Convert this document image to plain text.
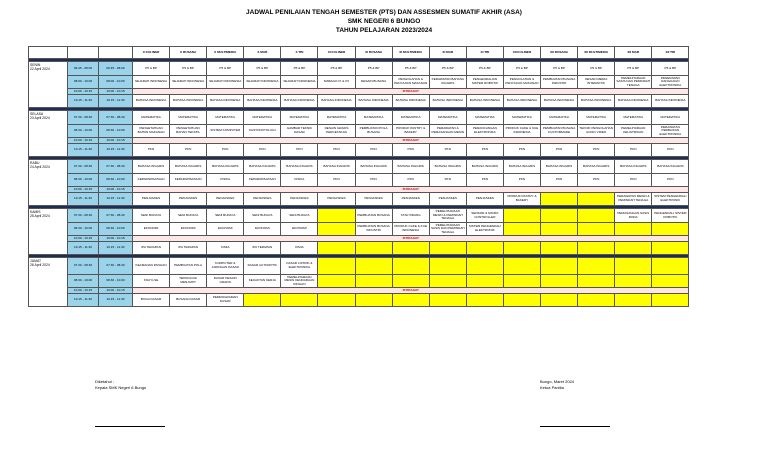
JADWAL PENILAIAN TENGAH SEMESTER (PTS) DAN ASSESMEN SUMATIF AKHIR (ASA)
SMK NEGERI 6 BUNGO
TAHUN PELAJARAN 2023/2024
			X KULINER	X BUSANA	X MULTIMEDIA	X MAB	X TBI	XI KULINER	XI BUSANA	XI MULTIMEDIA	XI MAB	XI TBI	XII KULINER	XII BUSANA	XII MULTIMEDIA	XII MAB	XII TBI

SENIN
22 April 2024	06.45 - 08.00	06.45 - 08.00	P5 & BP	P5 & BP	P5 & BP	P5 & BP	P5 & BP	P5 & BP	P5 & BP	P5 & BP	P5 & BP	P5 & BP	P5 & BP	P5 & BP	P5 & BP	P5 & BP	P5 & BP
	08.00 - 10.00	08.00 - 10.00	SEJARAH INDONESIA	SEJARAH INDONESIA	SEJARAH INDONESIA	SEJARAH INDONESIA	SEJARAH INDONESIA	MABAGO IX & XX	DESAIN BUSANA	PENGOLAHAN & PENYAJIAN MAKANAN	PERAWATAN BAHASA INGGRIS	PENGENDALIAN SISTEM ROBOTIK	PENGOLAHAN & PENYAJIAN MAKANAN	PEMBUATAN BUSANA INDUSTRI	DESAIN MEDIA INTERAKTIF	PEMELIHARAAN SASIS DAN PEMINDAH TENAGA	PENERAPAN RANGKAIAN ELEKTRONIKA
	10.00 - 10.15	10.00 - 10.15	ISTIRAHAT														
	10.15 - 11.30	10.15 - 11.30	BAHASA INDONESIA	BAHASA INDONESIA	BAHASA INDONESIA	BAHASA INDONESIA	BAHASA INDONESIA	BAHASA INDONESIA	BAHASA INDONESIA	BAHASA INDONESIA	BAHASA INDONESIA	BAHASA INDONESIA	BAHASA INDONESIA	BAHASA INDONESIA	BAHASA INDONESIA	BAHASA INDONESIA	BAHASA INDONESIA

SELASA
23 April 2024	07.30 - 08.30	07.30 - 08.30	MATEMATIKA	MATEMATIKA	MATEMATIKA	MATEMATIKA	MATEMATIKA	MATEMATIKA	MATEMATIKA	MATEMATIKA	MATEMATIKA	MATEMATIKA	MATEMATIKA	MATEMATIKA	MATEMATIKA	MATEMATIKA	MATEMATIKA
	08.30 - 10.00	08.30 - 10.00	PENGETAHUAN BAHAN MAKANAN	PENGETAHUAN BAHAN TEKSTIL	SISTEM KOMPUTER	KASTONOTOLOGI	GAMBAR TEKNIK DASAR	DESAIN GRAFIS PERCETAKAN	PEMBUATAN POLA BUSANA	PRODUK PASTRY & BAKERY	PERAWATAN & PEMASANGAN MESIN	PERANCANGAN ELEKTRONIKA	PRODUK CAKE & KUE INDONESIA	PEMBUATAN BUSANA CUSTOMMADE	TEKNIK PENGOLAHAN AUDIO VIDEO	PEMELIHARAAN KELISTRIKAN	PERAWATAN PERBAIKAN ELEKTRONIKA
	10.00 - 10.15	10.00 - 10.15	ISTIRAHAT														
	10.15 - 11.30	10.15 - 11.30	PKN	PKN	PKN	PKN	PKN	PKN	PKN	PKN	PKN	PKN	PKN	PKN	PKN	PKN	PKN

RABU
24 April 2024	07.30 - 08.30	07.30 - 08.30	BAHASA INGGRIS	BAHASA INGGRIS	BAHASA INGGRIS	BAHASA INGGRIS	BAHASA INGGRIS	BAHASA INGGRIS	BAHASA INGGRIS	BAHASA INGGRIS	BAHASA INGGRIS	BAHASA INGGRIS	BAHASA INGGRIS	BAHASA INGGRIS	BAHASA INGGRIS	BAHASA INGGRIS	BAHASA INGGRIS
	08.30 - 10.00	08.30 - 10.00	KEPARIWISATAAN	KEPARIWISATAAN	FISIKA	KEPARIWISATAAN	FISIKA	PKN	PKN	PKN	PKN	PKN	PKN	PKN	PKN	PKN	PKN
	10.00 - 10.15	10.00 - 10.15	ISTIRAHAT														
	10.15 - 11.30	10.15 - 11.30	PENJASKES	PENJASKES	PENJASKES	PENJASKES	PENJASKES	PENJASKES	PENJASKES	PENJASKES	PENJASKES	PENJASKES	PRODUK PASTRY & BAKERY			PERAWATAN MESIN & PEMINDAH TENAGA	SISTEM PENGENDALI ELEKTRONIK

KAMIS
25 April 2024	07.30 - 08.30	07.30 - 08.30	SENI BUDAYA	SENI BUDAYA	SENI BUDAYA	SENI BUDAYA	SENI BUDAYA		PEMBUATAN BUSANA	TATA HIDANG	PEMELIHARAAN MESIN & PEMINDAH TENAGA	SENSOR & MICRO CONTROLLER				PEMASANGAN SASIS RODA	PENGENDALI SISTEM ROBOTIK
	08.30 - 10.00	08.30 - 10.00	EKONOMI	EKONOMI	EKONOMI	EKONOMI	EKONOMI		PEMBUATAN BUSANA INDUSTRI	PRODUK CAKE & KUE INDONESIA	PEMELIHARAAN SASIS DAN PEMINDAH TENAGA	SISTEM PENGENDALI ELEKTRONIK					
	10.00 - 10.15	10.00 - 10.15	ISTIRAHAT														
	10.15 - 11.30	10.15 - 11.30	IPA TERAPAN	IPA TERAPAN	KIMIA	IPA TERAPAN	KIMIA										

JUMAT
26 April 2024	07.30 - 08.30	07.30 - 08.30	KEAMANAN PANGAN	PEMBUATAN POLA	KOMPUTER & JARINGAN DASAR	DASAR AUTOMOTIF	DASAR LISTRIK & ELEKTRONIKA										
	08.30 - 10.00	08.30 - 10.00	K3LH LSE	TEKNOLOGI MENJAHIT	DASAR DESAIN GRAFIS	KECAKTAN KERJA	PEMELIHARAAN MESIN KENDARAAN RINGAN										
	10.00 - 10.15	10.00 - 10.15	ISTIRAHAT														
	10.15 - 11.30	10.15 - 11.30	BOGA DASAR	BUSANA DASAR	PEMROGRAMAN DASAR												
Diketahui :
Kepala SMK Negeri 6 Bungo
Bungo, Maret 2024
Ketua Panitia
